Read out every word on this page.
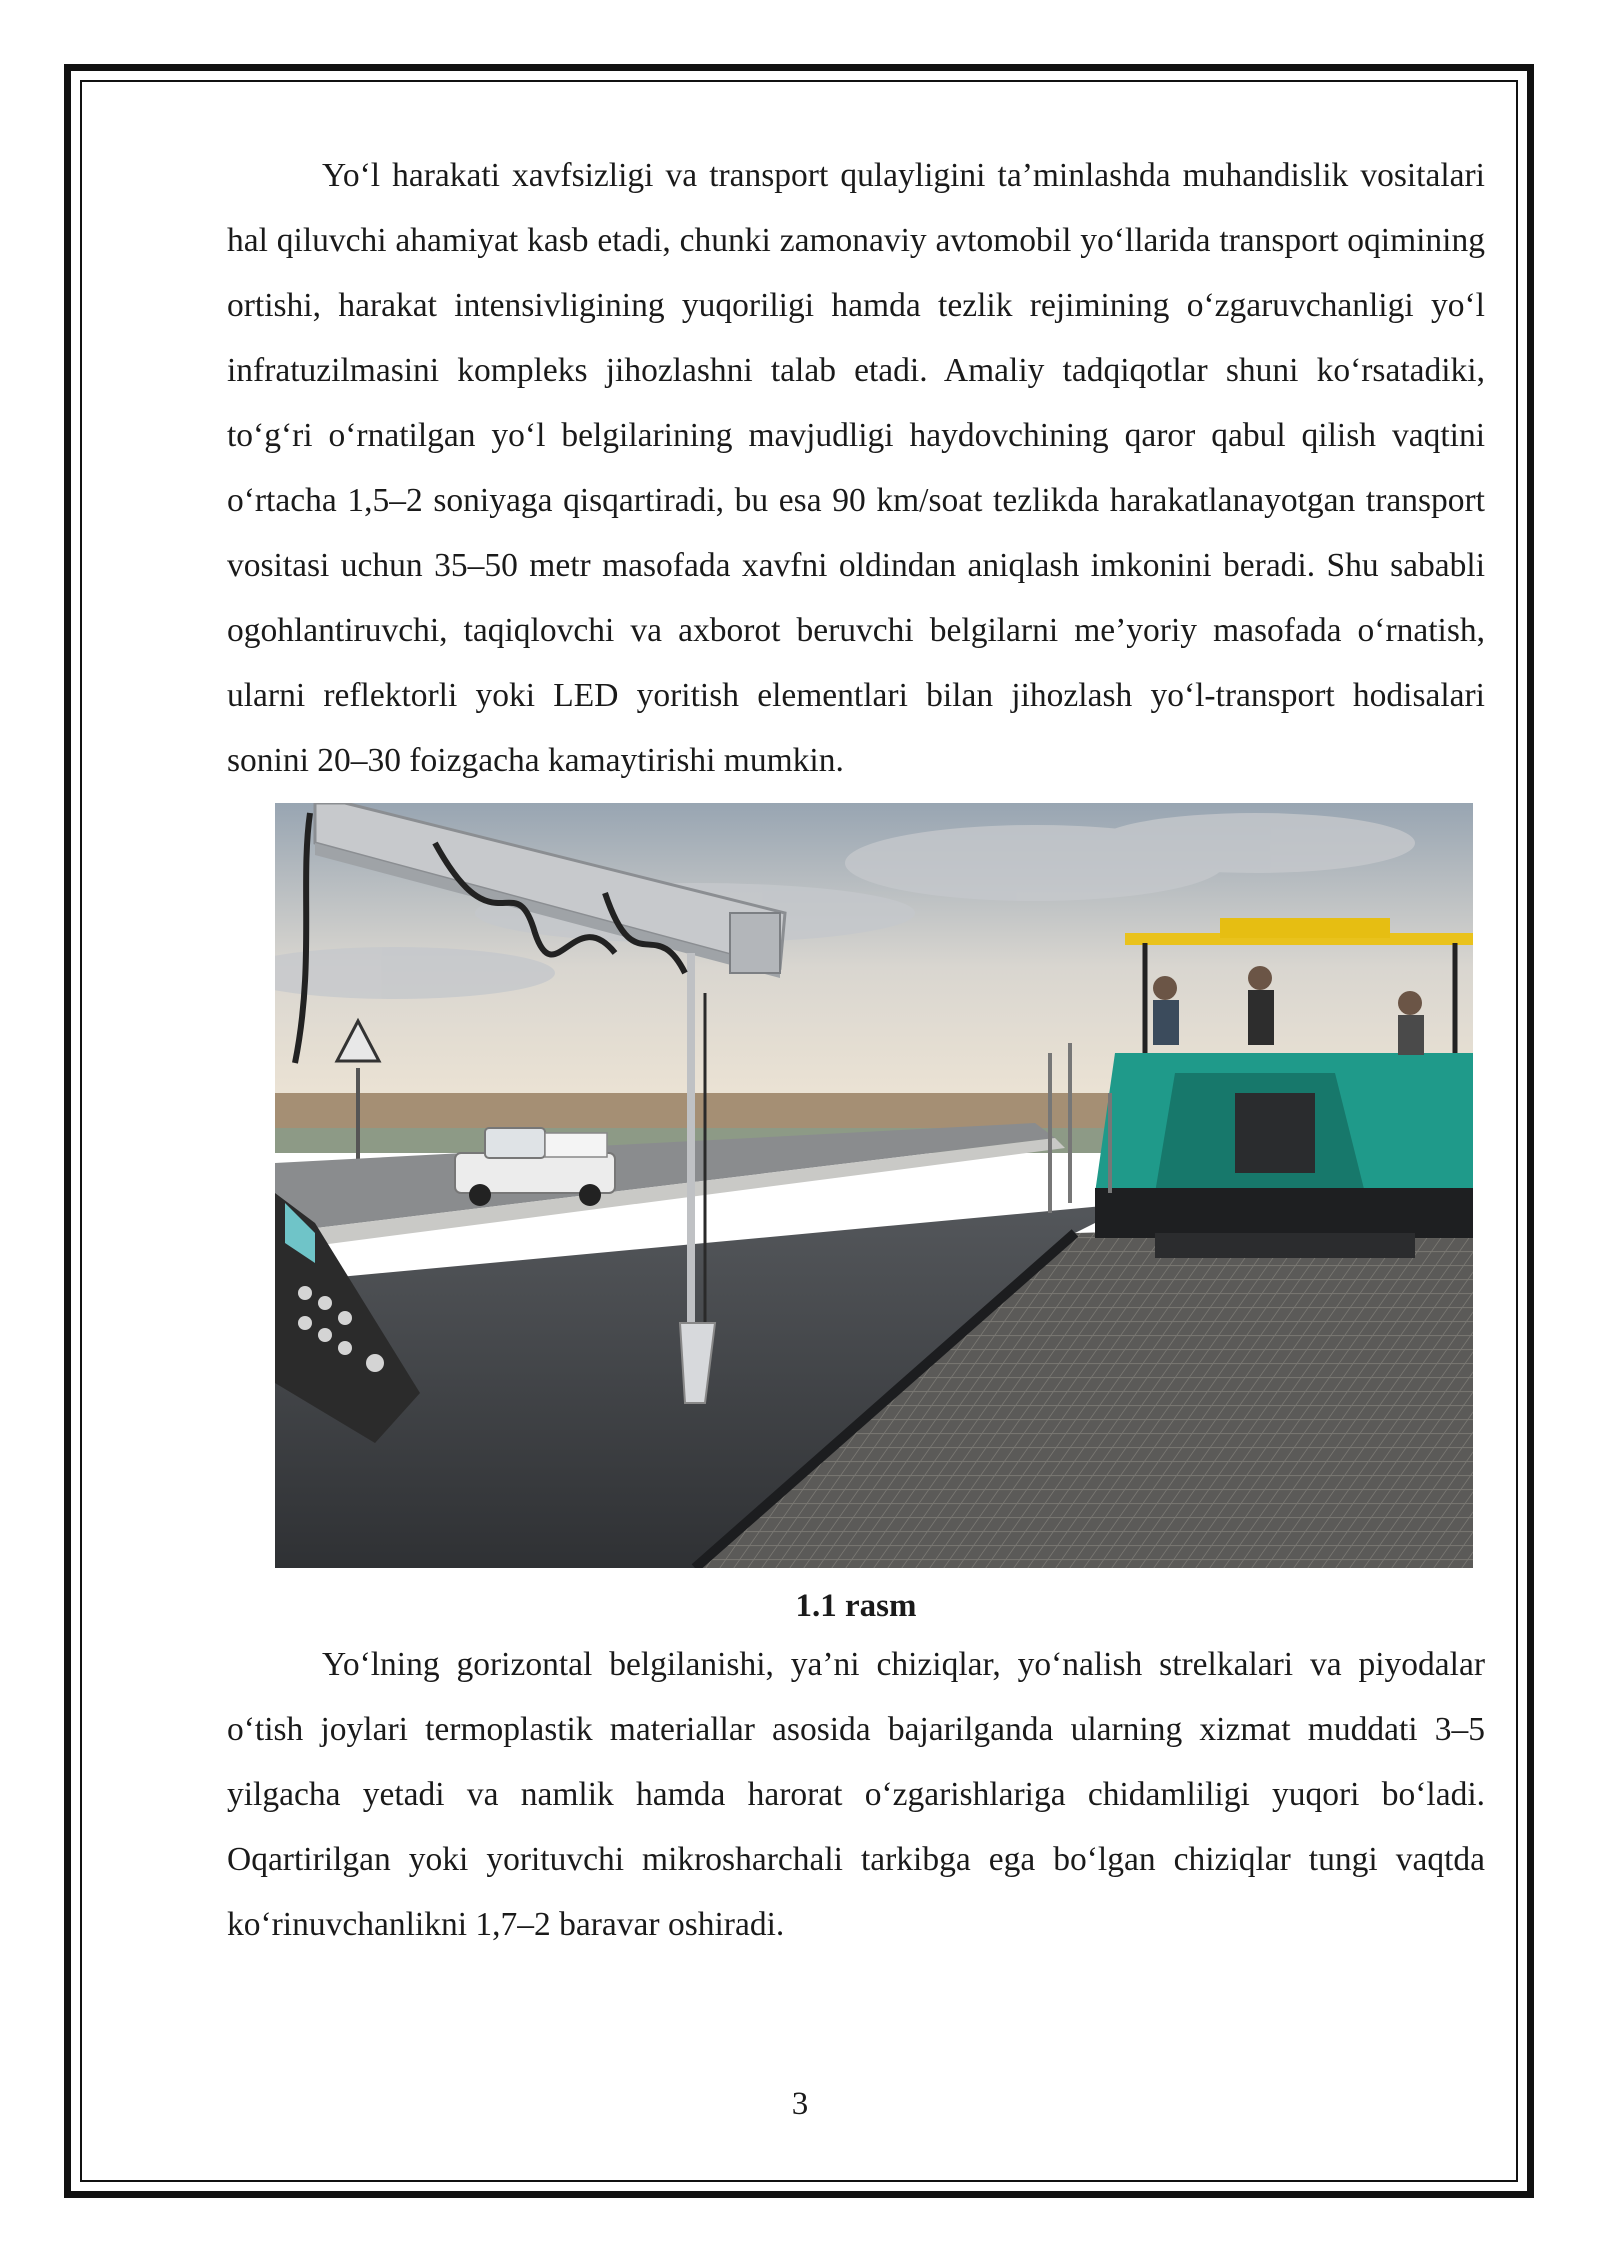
Yo‘l harakati xavfsizligi va transport qulayligini ta’minlashda muhandislik vositalari hal qiluvchi ahamiyat kasb etadi, chunki zamonaviy avtomobil yo‘llarida transport oqimining ortishi, harakat intensivligining yuqoriligi hamda tezlik rejimining o‘zgaruvchanligi yo‘l infratuzilmasini kompleks jihozlashni talab etadi. Amaliy tadqiqotlar shuni ko‘rsatadiki, to‘g‘ri o‘rnatilgan yo‘l belgilarining mavjudligi haydovchining qaror qabul qilish vaqtini o‘rtacha 1,5–2 soniyaga qisqartiradi, bu esa 90 km/soat tezlikda harakatlanayotgan transport vositasi uchun 35–50 metr masofada xavfni oldindan aniqlash imkonini beradi. Shu sababli ogohlantiruvchi, taqiqlovchi va axborot beruvchi belgilarni me’yoriy masofada o‘rnatish, ularni reflektorli yoki LED yoritish elementlari bilan jihozlash yo‘l-transport hodisalari sonini 20–30 foizgacha kamaytirishi mumkin.

1.1 rasm

Yo‘lning gorizontal belgilanishi, ya’ni chiziqlar, yo‘nalish strelkalari va piyodalar o‘tish joylari termoplastik materiallar asosida bajarilganda ularning xizmat muddati 3–5 yilgacha yetadi va namlik hamda harorat o‘zgarishlariga chidamliligi yuqori bo‘ladi. Oqartirilgan yoki yorituvchi mikrosharchali tarkibga ega bo‘lgan chiziqlar tungi vaqtda ko‘rinuvchanlikni 1,7–2 baravar oshiradi.

3
